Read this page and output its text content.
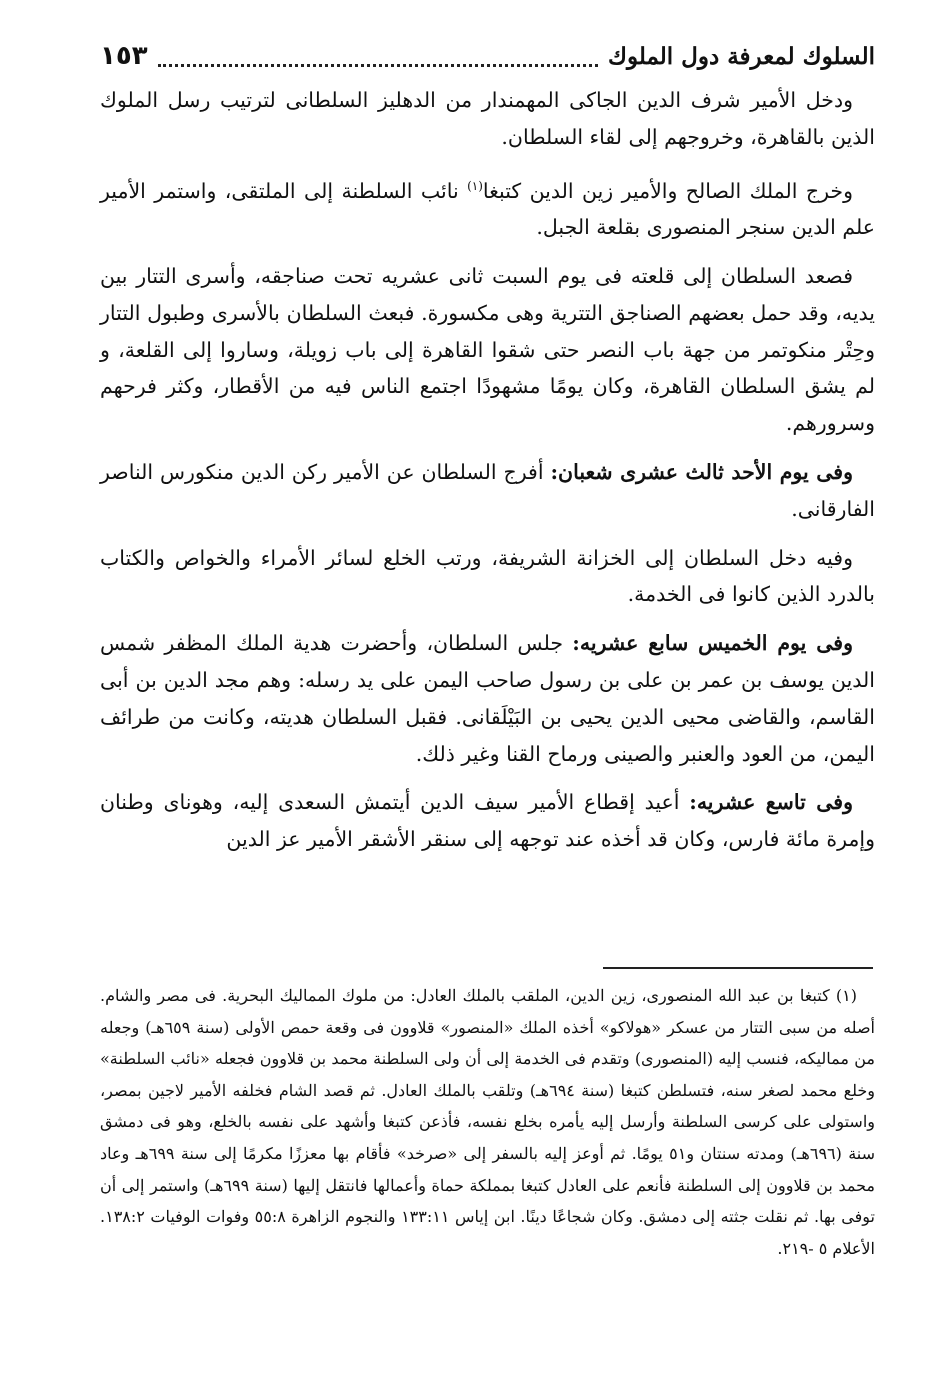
١٥٣	السلوك لمعرفة دول الملوك

ودخل الأمير شرف الدين الجاكى المهمندار من الدهليز السلطانى لترتيب رسل الملوك الذين بالقاهرة، وخروجهم إلى لقاء السلطان.

وخرج الملك الصالح والأمير زين الدين كتبغا$^{(١)}$ نائب السلطنة إلى الملتقى، واستمر الأمير علم الدين سنجر المنصورى بقلعة الجبل.

فصعد السلطان إلى قلعته فى يوم السبت ثانى عشريه تحت صناجقه، وأسرى التتار بين يديه، وقد حمل بعضهم الصناجق التترية وهى مكسورة. فبعث السلطان بالأسرى وطبول التتار وحِتْر منكوتمر من جهة باب النصر حتى شقوا القاهرة إلى باب زويلة، وساروا إلى القلعة، و لم يشق السلطان القاهرة، وكان يومًا مشهودًا اجتمع الناس فيه من الأقطار، وكثر فرحهم وسرورهم.

وفى يوم الأحد ثالث عشرى شعبان: أفرج السلطان عن الأمير ركن الدين منكورس الناصر الفارقانى.

وفيه دخل السلطان إلى الخزانة الشريفة، ورتب الخلع لسائر الأمراء والخواص والكتاب بالدرد الذين كانوا فى الخدمة.

وفى يوم الخميس سابع عشريه: جلس السلطان، وأحضرت هدية الملك المظفر شمس الدين يوسف بن عمر بن على بن رسول صاحب اليمن على يد رسله: وهم مجد الدين بن أبى القاسم، والقاضى محيى الدين يحيى بن البَيْلَقانى. فقبل السلطان هديته، وكانت من طرائف اليمن، من العود والعنبر والصينى ورماح القنا وغير ذلك.

وفى تاسع عشريه: أعيد إقطاع الأمير سيف الدين أيتمش السعدى إليه، وهوناى وطنان وإمرة مائة فارس، وكان قد أخذه عند توجهه إلى سنقر الأشقر الأمير عز الدين

(١) كتبغا بن عبد الله المنصورى، زين الدين، الملقب بالملك العادل: من ملوك المماليك البحرية. فى مصر والشام. أصله من سبى التتار من عسكر «هولاكو» أخذه الملك «المنصور» قلاوون فى وقعة حمص الأولى (سنة ٦٥٩هـ) وجعله من مماليكه، فنسب إليه (المنصورى) وتقدم فى الخدمة إلى أن ولى السلطنة محمد بن قلاوون فجعله «نائب السلطنة» وخلع محمد لصغر سنه، فتسلطن كتبغا (سنة ٦٩٤هـ) وتلقب بالملك العادل. ثم قصد الشام فخلفه الأمير لاجين بمصر، واستولى على كرسى السلطنة وأرسل إليه يأمره بخلع نفسه، فأذعن كتبغا وأشهد على نفسه بالخلع، وهو فى دمشق سنة (٦٩٦هـ) ومدته سنتان و٥١ يومًا. ثم أوعز إليه بالسفر إلى «صرخد» فأقام بها معززًا مكرمًا إلى سنة ٦٩٩هـ وعاد محمد بن قلاوون إلى السلطنة فأنعم على العادل كتبغا بمملكة حماة وأعمالها فانتقل إليها (سنة ٦٩٩هـ) واستمر إلى أن توفى بها. ثم نقلت جثته إلى دمشق. وكان شجاعًا دينًا. ابن إياس ١٣٣:١١ والنجوم الزاهرة ٥٥:٨ وفوات الوفيات ١٣٨:٢. الأعلام ٥ -٢١٩.
